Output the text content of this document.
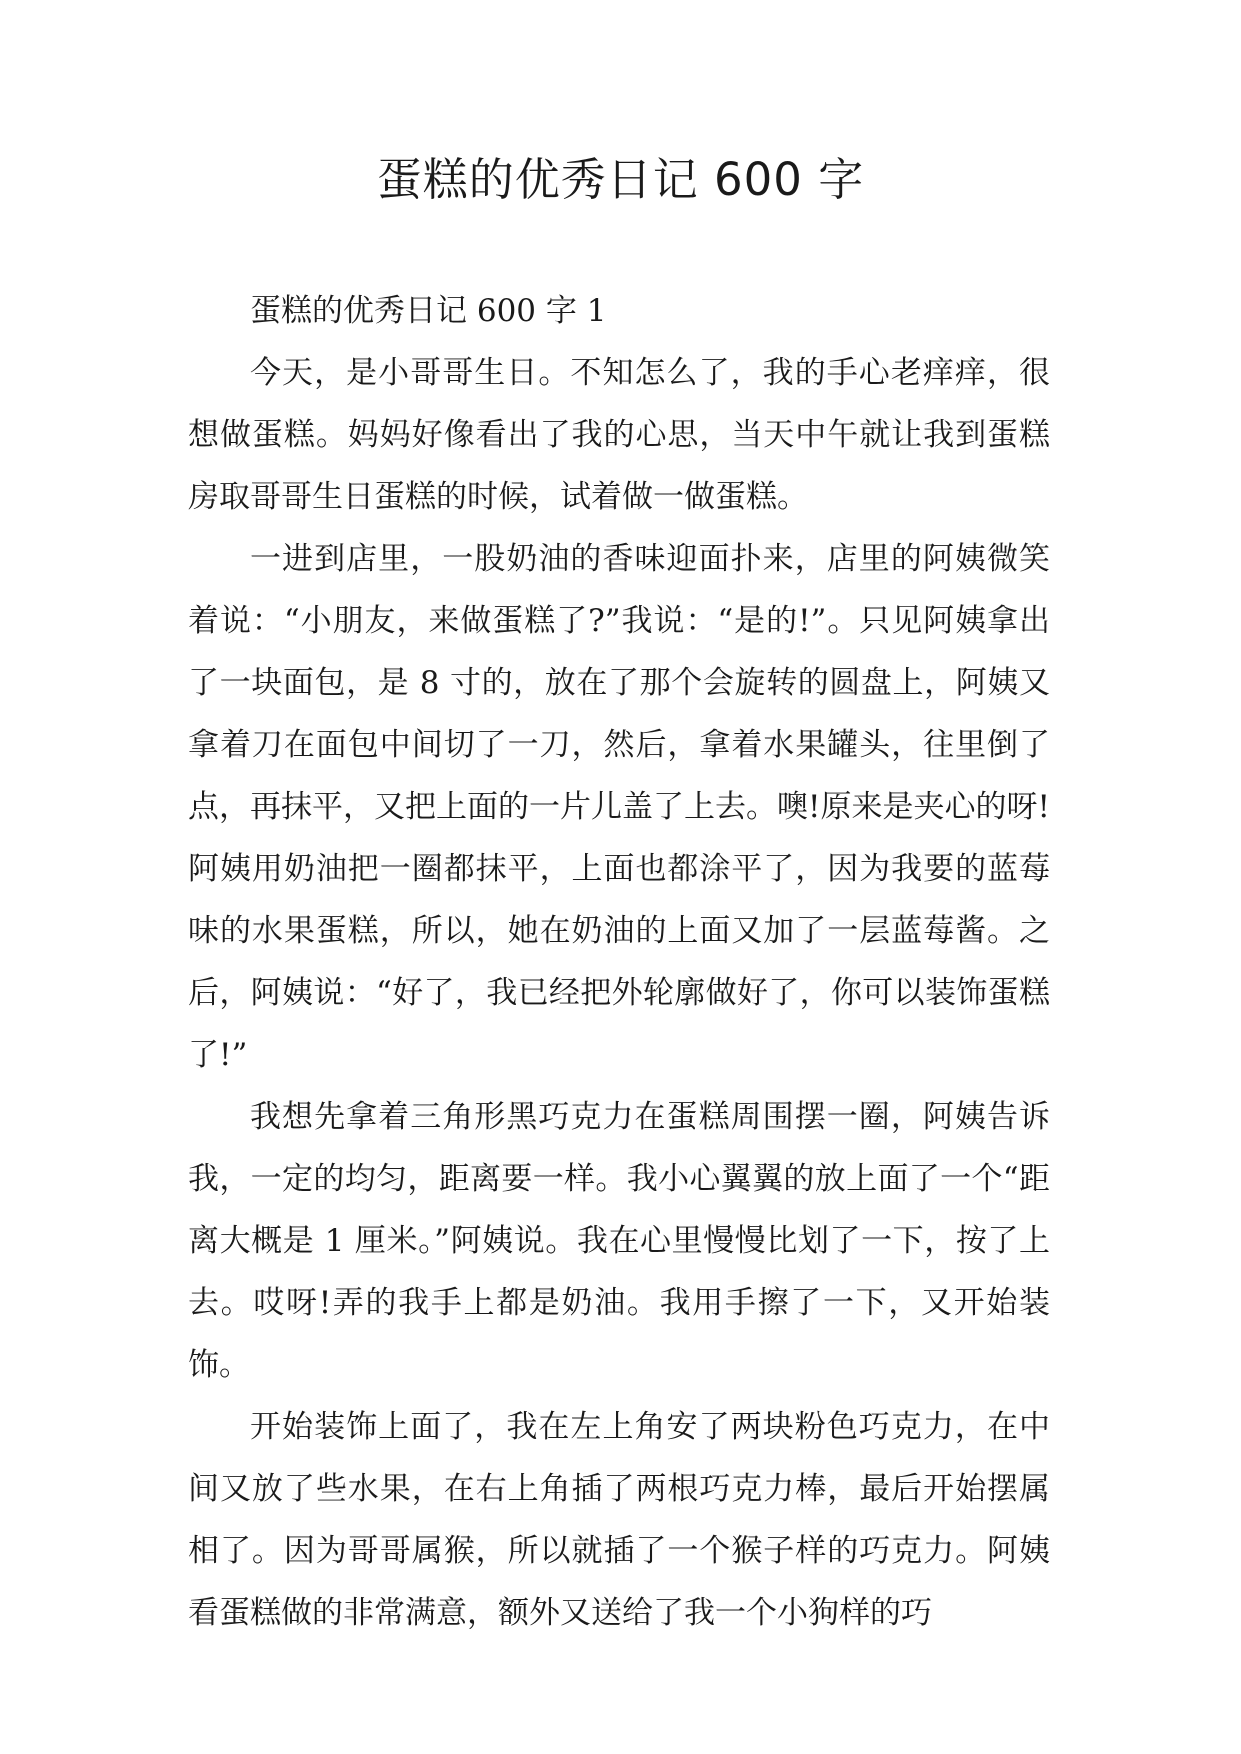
蛋糕的优秀日记 600 字

蛋糕的优秀日记 600 字 1

今天，是小哥哥生日。不知怎么了，我的手心老痒痒，很想做蛋糕。妈妈好像看出了我的心思，当天中午就让我到蛋糕房取哥哥生日蛋糕的时候，试着做一做蛋糕。

一进到店里，一股奶油的香味迎面扑来，店里的阿姨微笑着说：“小朋友，来做蛋糕了?”我说：“是的!”。只见阿姨拿出了一块面包，是 8 寸的，放在了那个会旋转的圆盘上，阿姨又拿着刀在面包中间切了一刀，然后，拿着水果罐头，往里倒了点，再抹平，又把上面的一片儿盖了上去。噢!原来是夹心的呀!阿姨用奶油把一圈都抹平，上面也都涂平了，因为我要的蓝莓味的水果蛋糕，所以，她在奶油的上面又加了一层蓝莓酱。之后，阿姨说：“好了，我已经把外轮廓做好了，你可以装饰蛋糕了!”

我想先拿着三角形黑巧克力在蛋糕周围摆一圈，阿姨告诉我，一定的均匀，距离要一样。我小心翼翼的放上面了一个“距离大概是 1 厘米。”阿姨说。我在心里慢慢比划了一下，按了上去。哎呀!弄的我手上都是奶油。我用手擦了一下，又开始装饰。

开始装饰上面了，我在左上角安了两块粉色巧克力，在中间又放了些水果，在右上角插了两根巧克力棒，最后开始摆属相了。因为哥哥属猴，所以就插了一个猴子样的巧克力。阿姨看蛋糕做的非常满意，额外又送给了我一个小狗样的巧
